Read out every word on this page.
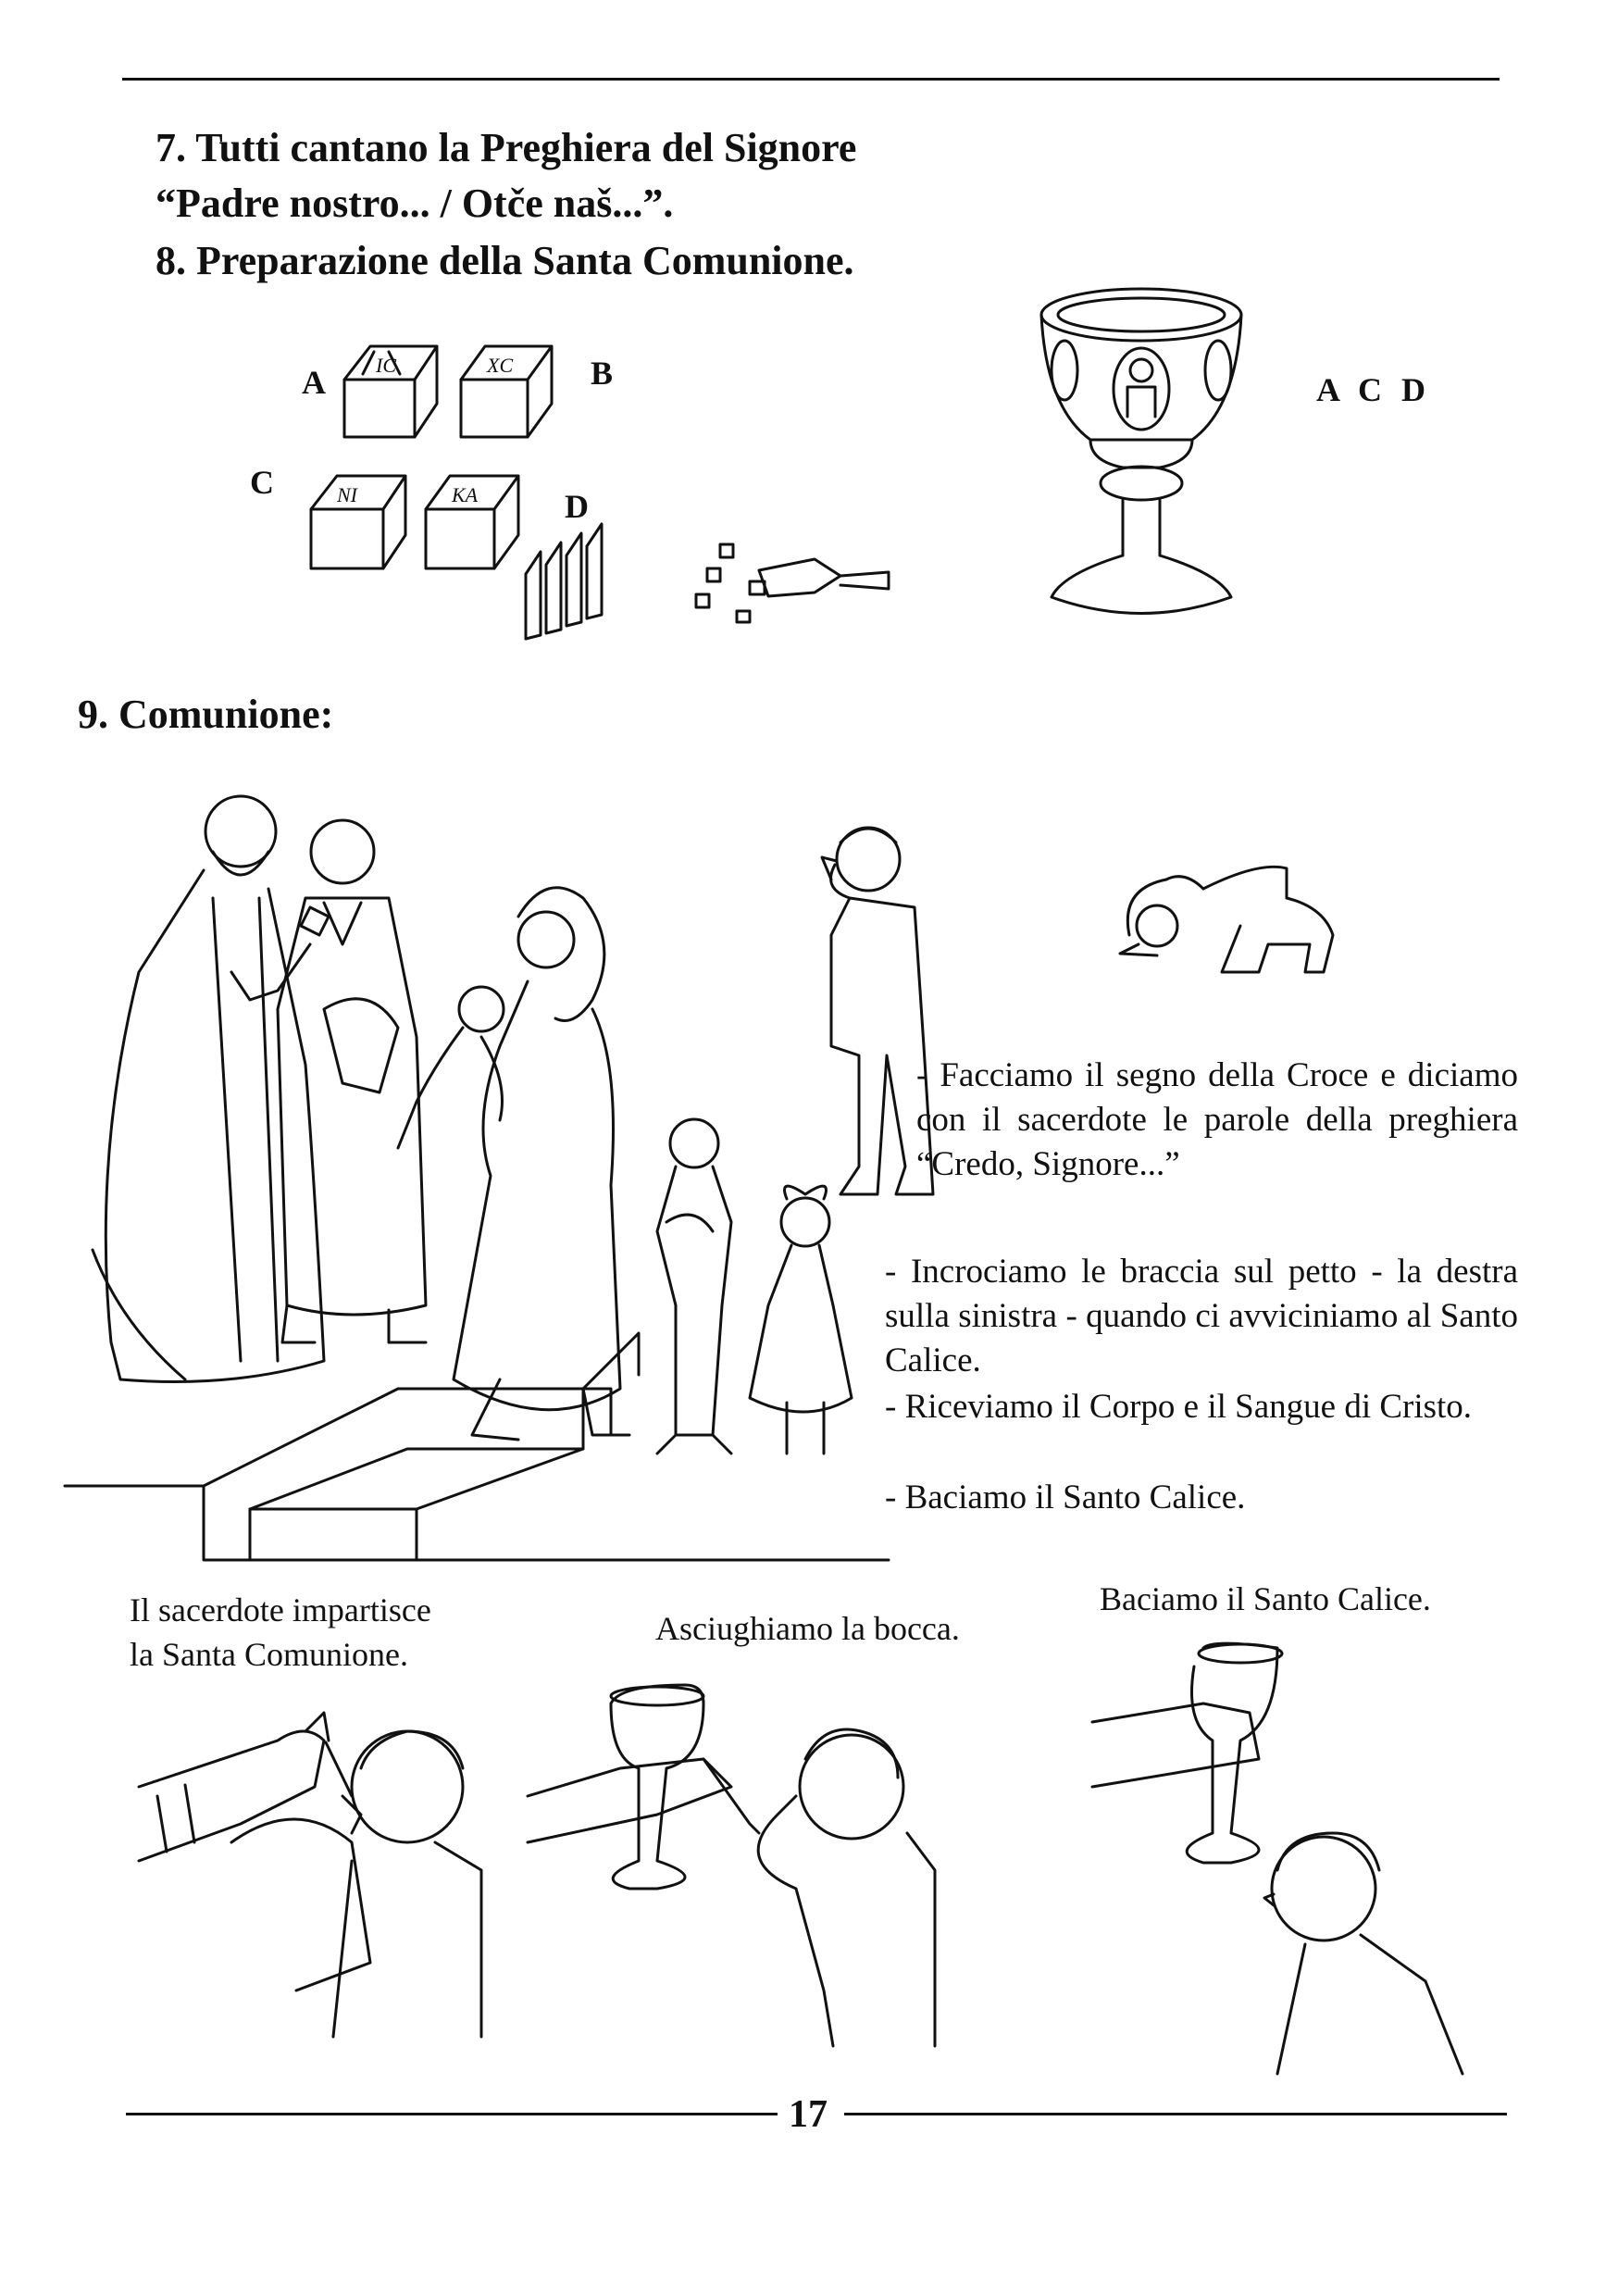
7. Tutti cantano la Preghiera del Signore

“Padre nostro... / Otče naš...”.

8. Preparazione della Santa Comunione.

A	B
C
D
A C D
IC	XC
NI	KA

9. Comunione:

- Facciamo il segno della Croce e diciamo con il sacerdote le parole della preghiera “Credo, Signore...”

- Incrociamo le braccia sul petto - la destra sulla sinistra - quando ci avviciniamo al Santo Calice.

- Riceviamo il Corpo e il Sangue di Cristo.

- Baciamo il Santo Calice.

Il sacerdote impartisce

la Santa Comunione.

Asciughiamo la bocca.

Baciamo il Santo Calice.

17
